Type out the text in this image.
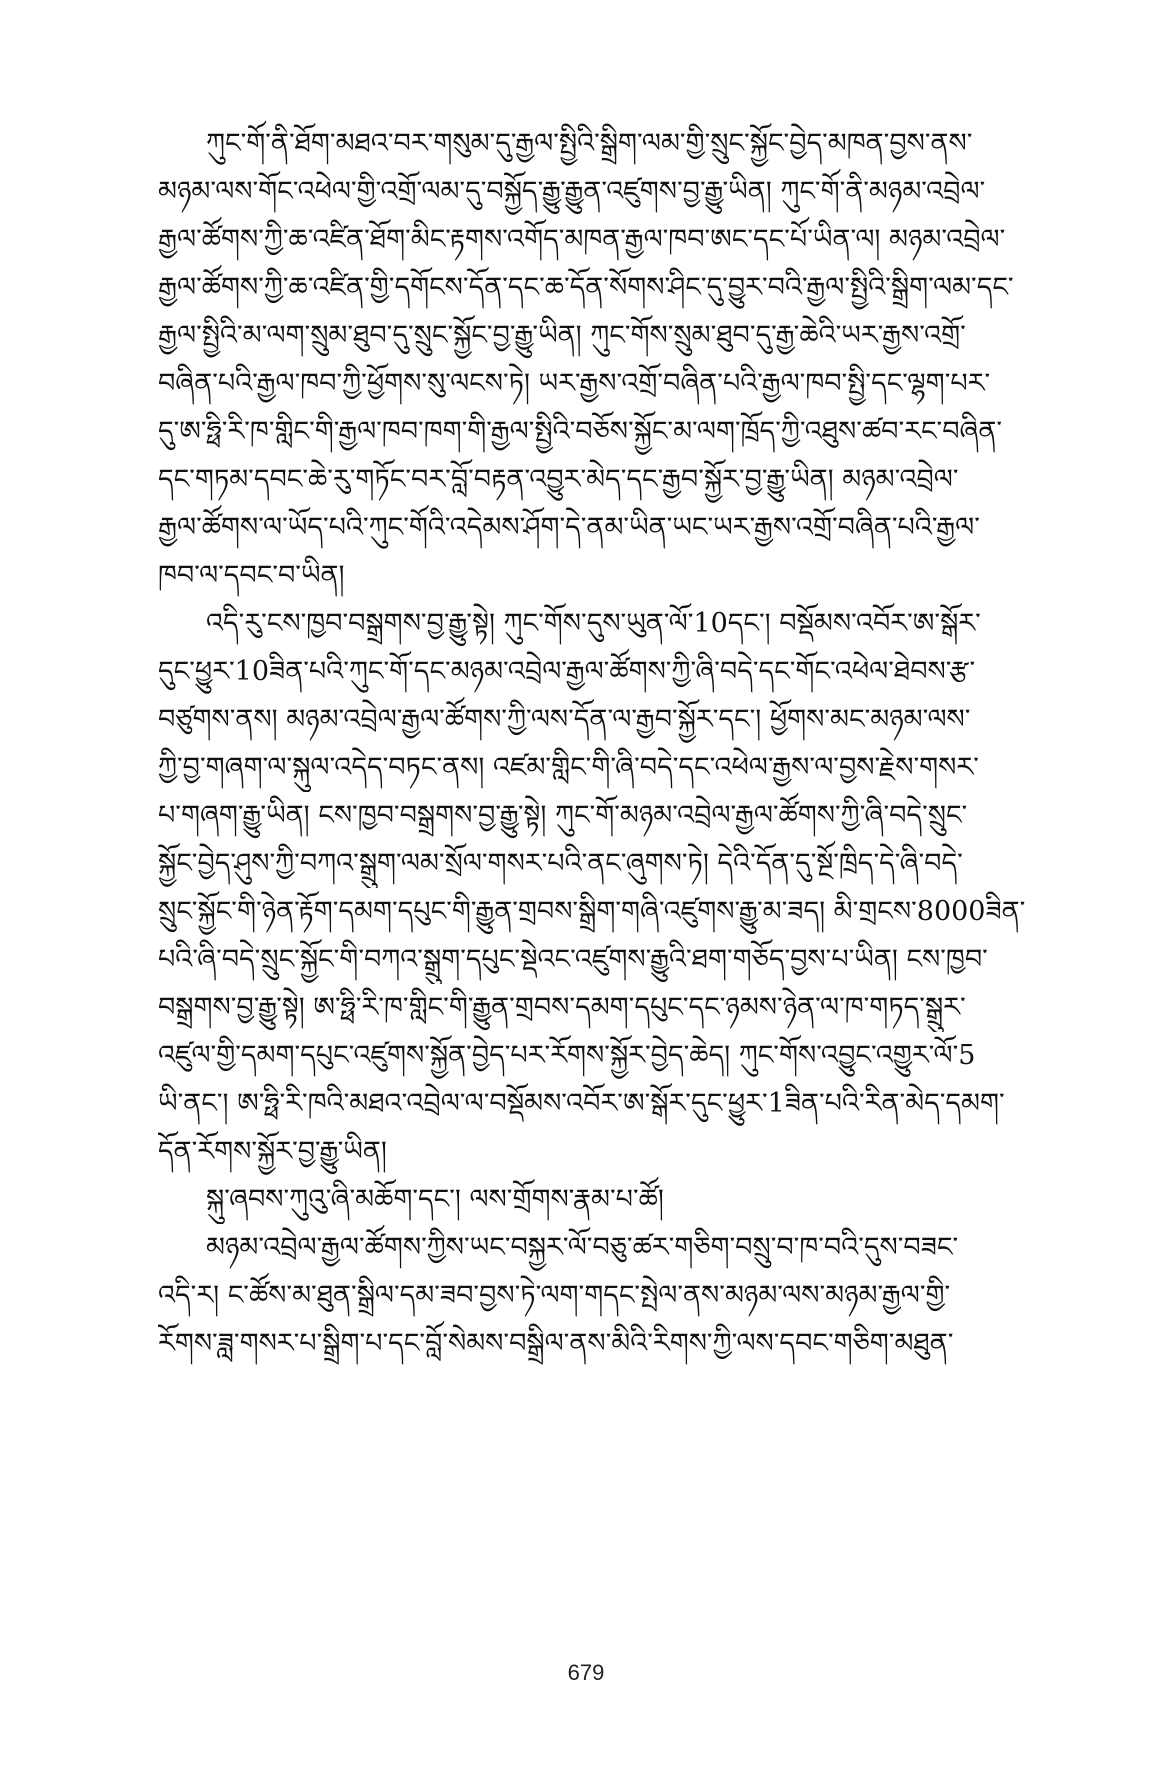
ཀུང་གོ་ནི་ཐོག་མཐའ་བར་གསུམ་དུ་རྒྱལ་སྤྱིའི་སྒྲིག་ལམ་གྱི་སྲུང་སྐྱོང་བྱེད་མཁན་བྱས་ནས་
མཉམ་ལས་གོང་འཕེལ་གྱི་འགྲོ་ལམ་དུ་བསྐྱོད་རྒྱུ་རྒྱུན་འཛུགས་བྱ་རྒྱུ་ཡིན། ཀུང་གོ་ནི་མཉམ་འབྲེལ་
རྒྱལ་ཚོགས་ཀྱི་ཆ་འཛིན་ཐོག་མིང་རྟགས་འགོད་མཁན་རྒྱལ་ཁབ་ཨང་དང་པོ་ཡིན་ལ། མཉམ་འབྲེལ་
རྒྱལ་ཚོགས་ཀྱི་ཆ་འཛིན་གྱི་དགོངས་དོན་དང་ཆ་དོན་སོགས་ཤིང་དུ་བྱུར་བའི་རྒྱལ་སྤྱིའི་སྒྲིག་ལམ་དང་
རྒྱལ་སྤྱིའི་མ་ལག་སྲུམ་ཐུབ་དུ་སྲུང་སྐྱོང་བྱ་རྒྱུ་ཡིན། ཀུང་གོས་སྲུམ་ཐུབ་དུ་རྒྱ་ཆེའི་ཡར་རྒྱས་འགྲོ་
བཞིན་པའི་རྒྱལ་ཁབ་ཀྱི་ཕྱོགས་སུ་ལངས་ཏེ། ཡར་རྒྱས་འགྲོ་བཞིན་པའི་རྒྱལ་ཁབ་སྤྱི་དང་ལྷག་པར་
དུ་ཨ་ཧྥི་རི་ཁ་གླིང་གི་རྒྱལ་ཁབ་ཁག་གི་རྒྱལ་སྤྱིའི་བཅོས་སྐྱོང་མ་ལག་ཁྲོད་ཀྱི་འཐུས་ཚབ་རང་བཞིན་
དང་གཏམ་དབང་ཆེ་རུ་གཏོང་བར་བློ་བརྟན་འབྱུར་མེད་དང་རྒྱབ་སྐྱོར་བྱ་རྒྱུ་ཡིན། མཉམ་འབྲེལ་
རྒྱལ་ཚོགས་ལ་ཡོད་པའི་ཀུང་གོའི་འདེམས་ཤོག་དེ་ནམ་ཡིན་ཡང་ཡར་རྒྱས་འགྲོ་བཞིན་པའི་རྒྱལ་
ཁབ་ལ་དབང་བ་ཡིན།
འདི་རུ་ངས་ཁྱབ་བསྒྲགས་བྱ་རྒྱུ་སྟེ། ཀུང་གོས་དུས་ཡུན་ལོ་10དང་། བསྡོམས་འབོར་ཨ་སྒོར་
དུང་ཕྱུར་10ཟིན་པའི་ཀུང་གོ་དང་མཉམ་འབྲེལ་རྒྱལ་ཚོགས་ཀྱི་ཞི་བདེ་དང་གོང་འཕེལ་ཐེབས་རྩ་
བཙུགས་ནས། མཉམ་འབྲེལ་རྒྱལ་ཚོགས་ཀྱི་ལས་དོན་ལ་རྒྱབ་སྐྱོར་དང་། ཕྱོགས་མང་མཉམ་ལས་
ཀྱི་བྱ་གཞག་ལ་སྐུལ་འདེད་བཏང་ནས། འཛམ་གླིང་གི་ཞི་བདེ་དང་འཕེལ་རྒྱས་ལ་བྱས་རྗེས་གསར་
པ་གཞག་རྒྱུ་ཡིན། ངས་ཁྱབ་བསྒྲགས་བྱ་རྒྱུ་སྟེ། ཀུང་གོ་མཉམ་འབྲེལ་རྒྱལ་ཚོགས་ཀྱི་ཞི་བདེ་སྲུང་
སྐྱོང་བྱེད་ཤུས་ཀྱི་བཀའ་སྒྲུག་ལམ་སྲོལ་གསར་པའི་ནང་ཞུགས་ཏེ། དེའི་དོན་དུ་སྔོ་ཁྲིད་དེ་ཞི་བདེ་
སྲུང་སྐྱོང་གི་ཉེན་རྟོག་དམག་དཔུང་གི་རྒྱུན་གྲབས་སྒྲིག་གཞི་འཛུགས་རྒྱུ་མ་ཟད། མི་གྲངས་8000ཟིན་
པའི་ཞི་བདེ་སྲུང་སྐྱོང་གི་བཀའ་སྒྲུག་དཔུང་སྡེའང་འཛུགས་རྒྱུའི་ཐག་གཅོད་བྱས་པ་ཡིན། ངས་ཁྱབ་
བསྒྲགས་བྱ་རྒྱུ་སྟེ། ཨ་ཧྥི་རི་ཁ་གླིང་གི་རྒྱུན་གྲབས་དམག་དཔུང་དང་ཉམས་ཉེན་ལ་ཁ་གཏད་སྒྲུར་
འཛུལ་གྱི་དམག་དཔུང་འཛུགས་སྐྱོན་བྱེད་པར་རོགས་སྐྱོར་བྱེད་ཆེད། ཀུང་གོས་འབྱུང་འགྱུར་ལོ་5
ཡི་ནང་། ཨ་ཧྥི་རི་ཁའི་མཐའ་འབྲེལ་ལ་བསྡོམས་འབོར་ཨ་སྒོར་དུང་ཕྱུར་1ཟིན་པའི་རིན་མེད་དམག་
དོན་རོགས་སྐྱོར་བྱ་རྒྱུ་ཡིན།
སྐུ་ཞབས་ཀུའུ་ཞི་མཆོག་དང་། ལས་གྲོགས་རྣམ་པ་ཚོ།
མཉམ་འབྲེལ་རྒྱལ་ཚོགས་ཀྱིས་ཡང་བསྐྱར་ལོ་བཅུ་ཚར་གཅིག་བསྲུ་བ་ཁ་བའི་དུས་བཟང་
འདི་ར། ང་ཚོས་མ་ཐུན་སྒྲིལ་དམ་ཟབ་བྱས་ཏེ་ལག་གདང་སྤེལ་ནས་མཉམ་ལས་མཉམ་རྒྱལ་གྱི་
རོགས་ཟླ་གསར་པ་སྒྲིག་པ་དང་བློ་སེམས་བསྒྲིལ་ནས་མིའི་རིགས་ཀྱི་ལས་དབང་གཅིག་མཐུན་
679
